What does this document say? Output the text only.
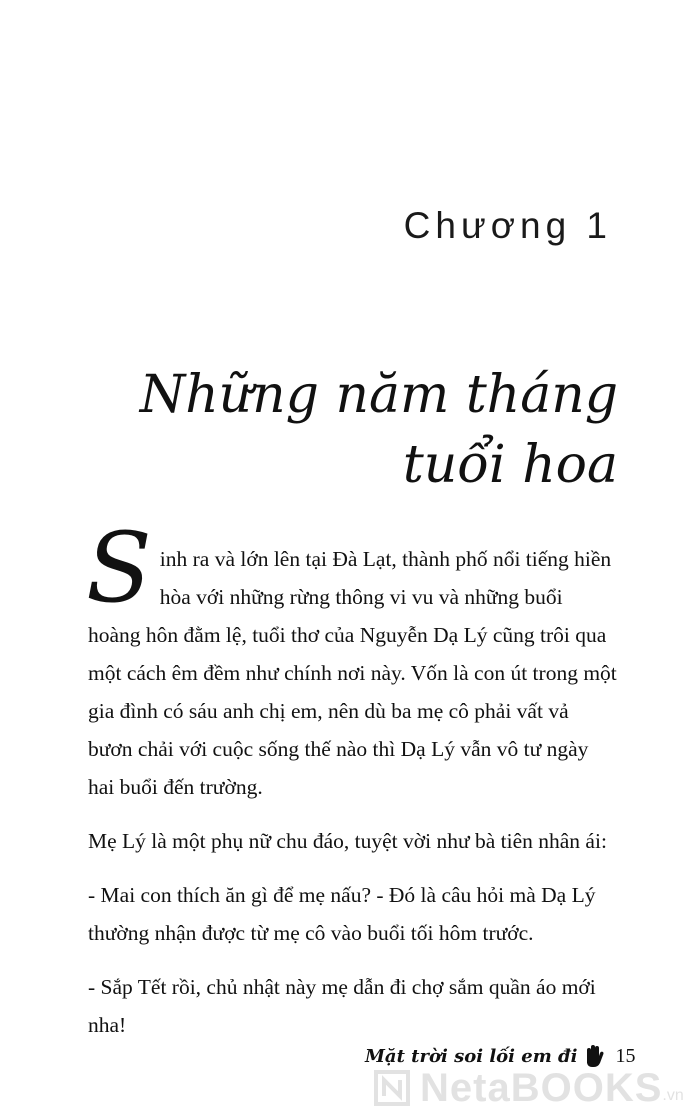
Chương 1
Những năm tháng
tuổi hoa

Sinh ra và lớn lên tại Đà Lạt, thành phố nổi tiếng hiền hòa với những rừng thông vi vu và những buổi hoàng hôn đằm lệ, tuổi thơ của Nguyễn Dạ Lý cũng trôi qua một cách êm đềm như chính nơi này. Vốn là con út trong một gia đình có sáu anh chị em, nên dù ba mẹ cô phải vất vả bươn chải với cuộc sống thế nào thì Dạ Lý vẫn vô tư ngày hai buổi đến trường.

Mẹ Lý là một phụ nữ chu đáo, tuyệt vời như bà tiên nhân ái:

- Mai con thích ăn gì để mẹ nấu? - Đó là câu hỏi mà Dạ Lý thường nhận được từ mẹ cô vào buổi tối hôm trước.

- Sắp Tết rồi, chủ nhật này mẹ dẫn đi chợ sắm quần áo mới nha!

Mặt trời soi lối em đi 15
NetaBOOKS .vn
